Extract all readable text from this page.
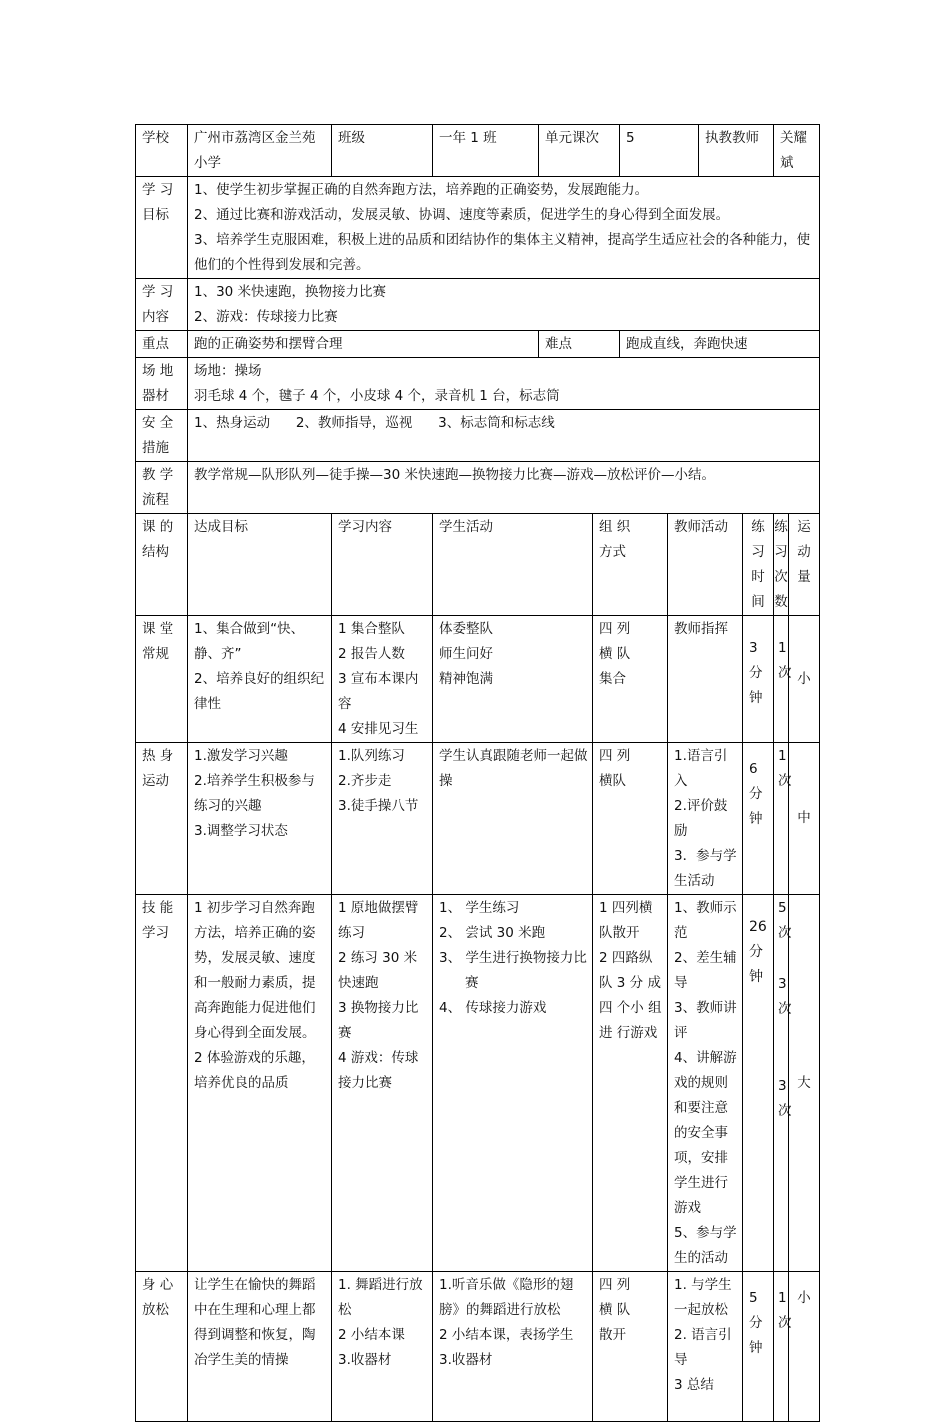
学校	广州市荔湾区金兰苑小学	班级	一年 1 班	单元课次		5		执教教师		关耀斌	

学 习
目标	1、使学生初步掌握正确的自然奔跑方法，培养跑的正确姿势，发展跑能力。
2、通过比赛和游戏活动，发展灵敏、协调、速度等素质，促进学生的身心得到全面发展。
3、培养学生克服困难，积极上进的品质和团结协作的集体主义精神，提高学生适应社会的各种能力，使他们的个性得到发展和完善。										

学 习
内容	1、30 米快速跑，换物接力比赛
2、游戏：传球接力比赛										

重点	跑的正确姿势和摆臂合理			难点		跑成直线，奔跑快速					

场 地
器材	场地：操场
羽毛球 4 个，毽子 4 个，小皮球 4 个，录音机 1 台，标志筒										

安 全
措施	1、热身运动      2、教师指导，巡视      3、标志筒和标志线										

教 学
流程	教学常规—队形队列—徒手操—30 米快速跑—换物接力比赛—游戏—放松评价—小结。										

课 的
结构	达成目标	学习内容	学生活动		组 织
方式		教师活动		练
习
时
间	练
习
次
数	运
动
量

课 堂
常规	1、集合做到“快、静、齐”
2、培养良好的组织纪律性	1 集合整队
2 报告人数
3 宣布本课内容
4 安排见习生	体委整队
师生问好
精神饱满		四 列
横 队
集合		教师指挥		3 分钟	1 次	小

热 身
运动	1.激发学习兴趣
2.培养学生积极参与练习的兴趣
3.调整学习状态	1.队列练习
2.齐步走
3.徒手操八节	学生认真跟随老师一起做操		四 列
横队		1.语言引入
2.评价鼓励
3．参与学生活动		6 分钟	1 次	中

技 能
学习	1 初步学习自然奔跑方法，培养正确的姿势，发展灵敏、速度和一般耐力素质，提高奔跑能力促进他们身心得到全面发展。
2 体验游戏的乐趣，培养优良的品质	1 原地做摆臂练习
2 练习 30 米快速跑
3 换物接力比赛
4 游戏：传球接力比赛	1、 学生练习
2、 尝试 30 米跑
3、 学生进行换物接力比赛
4、 传球接力游戏		1 四列横 队散开
2 四路纵队 3 分 成四 个小 组进 行游戏		1、教师示范
2、差生辅导
3、教师讲评
4、讲解游戏的规则和要注意的安全事项，安排学生进行游戏
5、参与学生的活动		26 分钟	5 次
3 次
3 次	大

身 心
放松	让学生在愉快的舞蹈中在生理和心理上都得到调整和恢复，陶冶学生美的情操	1. 舞蹈进行放松
2 小结本课
3.收器材	1.听音乐做《隐形的翅膀》的舞蹈进行放松
2 小结本课，表扬学生
3.收器材		四 列
横 队
散开		1. 与学生一起放松
2. 语言引导
3 总结		5 分钟	1 次	小
